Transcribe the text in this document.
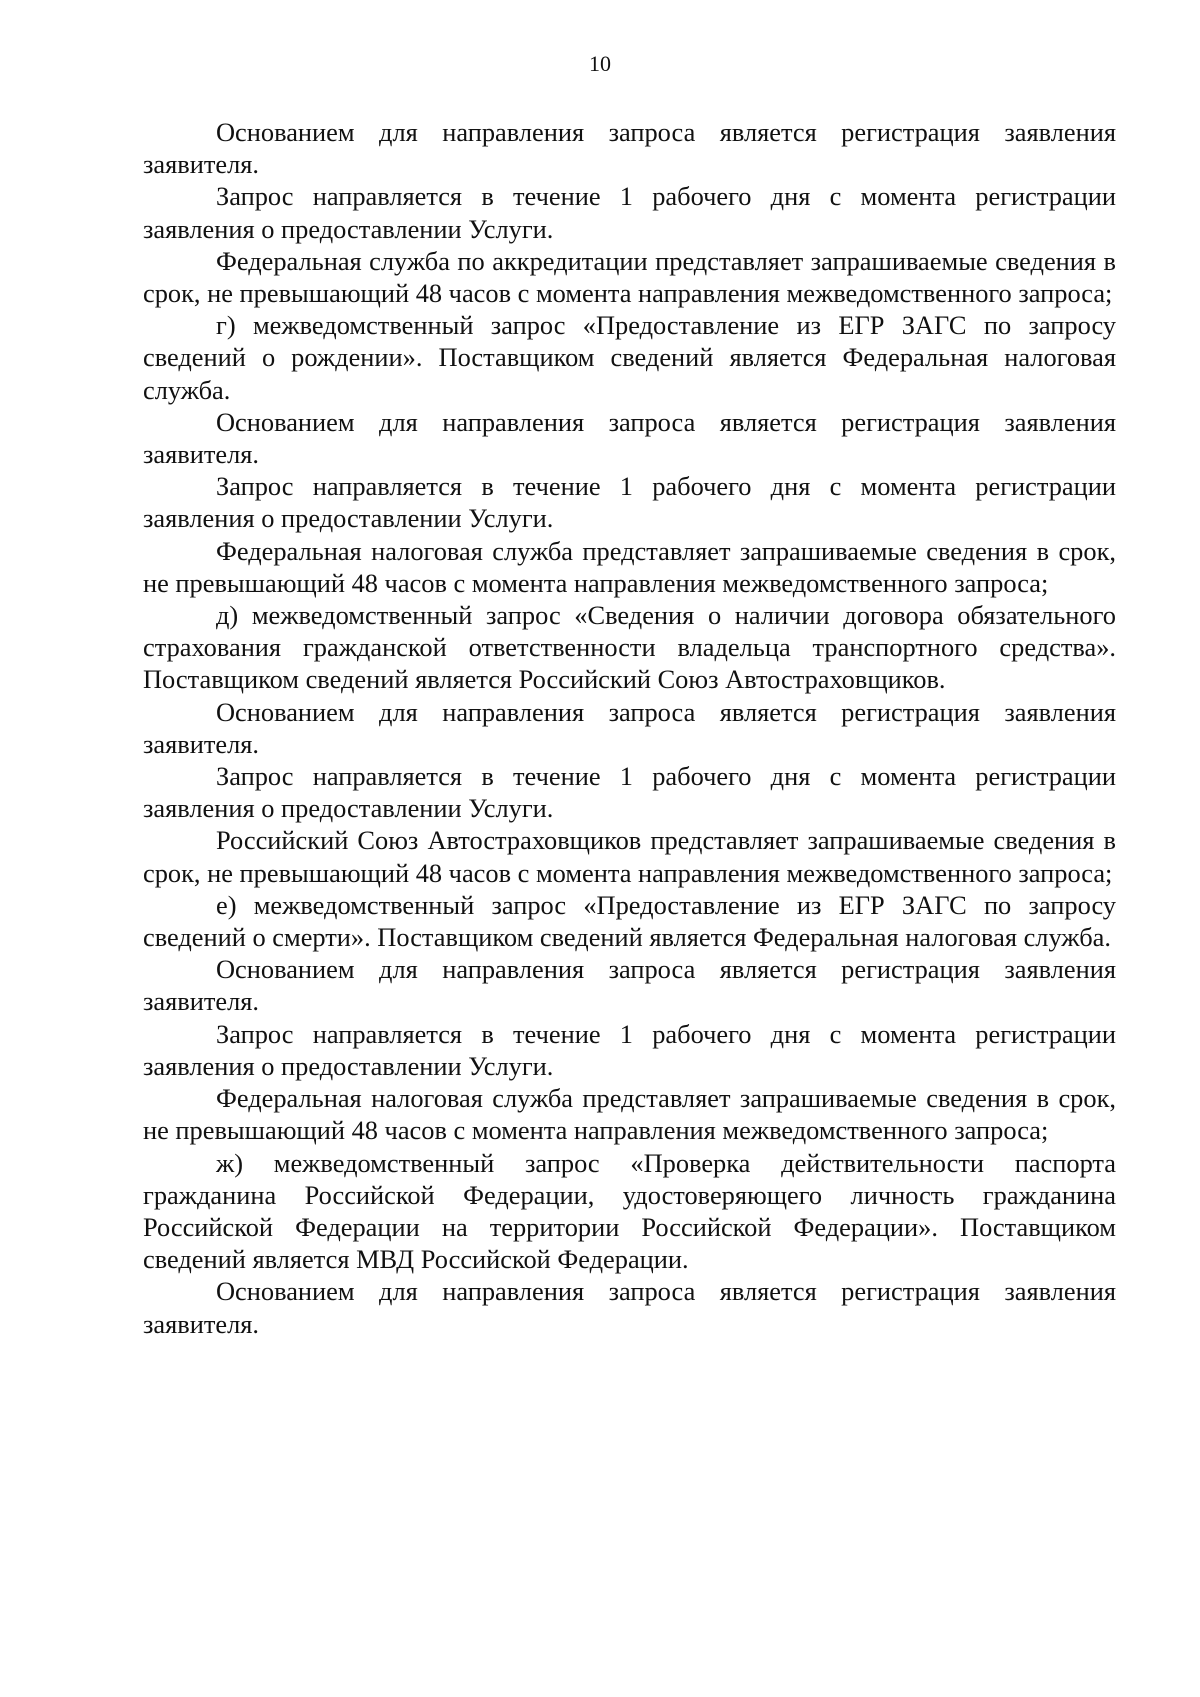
10

Основанием для направления запроса является регистрация заявления заявителя.

Запрос направляется в течение 1 рабочего дня с момента регистрации заявления о предоставлении Услуги.

Федеральная служба по аккредитации представляет запрашиваемые сведения в срок, не превышающий 48 часов с момента направления межведомственного запроса;

г) межведомственный запрос «Предоставление из ЕГР ЗАГС по запросу сведений о рождении». Поставщиком сведений является Федеральная налоговая служба.

Основанием для направления запроса является регистрация заявления заявителя.

Запрос направляется в течение 1 рабочего дня с момента регистрации заявления о предоставлении Услуги.

Федеральная налоговая служба представляет запрашиваемые сведения в срок, не превышающий 48 часов с момента направления межведомственного запроса;

д) межведомственный запрос «Сведения о наличии договора обязательного страхования гражданской ответственности владельца транспортного средства». Поставщиком сведений является Российский Союз Автостраховщиков.

Основанием для направления запроса является регистрация заявления заявителя.

Запрос направляется в течение 1 рабочего дня с момента регистрации заявления о предоставлении Услуги.

Российский Союз Автостраховщиков представляет запрашиваемые сведения в срок, не превышающий 48 часов с момента направления межведомственного запроса;

е) межведомственный запрос «Предоставление из ЕГР ЗАГС по запросу сведений о смерти». Поставщиком сведений является Федеральная налоговая служба.

Основанием для направления запроса является регистрация заявления заявителя.

Запрос направляется в течение 1 рабочего дня с момента регистрации заявления о предоставлении Услуги.

Федеральная налоговая служба представляет запрашиваемые сведения в срок, не превышающий 48 часов с момента направления межведомственного запроса;

ж) межведомственный запрос «Проверка действительности паспорта гражданина Российской Федерации, удостоверяющего личность гражданина Российской Федерации на территории Российской Федерации». Поставщиком сведений является МВД Российской Федерации.

Основанием для направления запроса является регистрация заявления заявителя.
